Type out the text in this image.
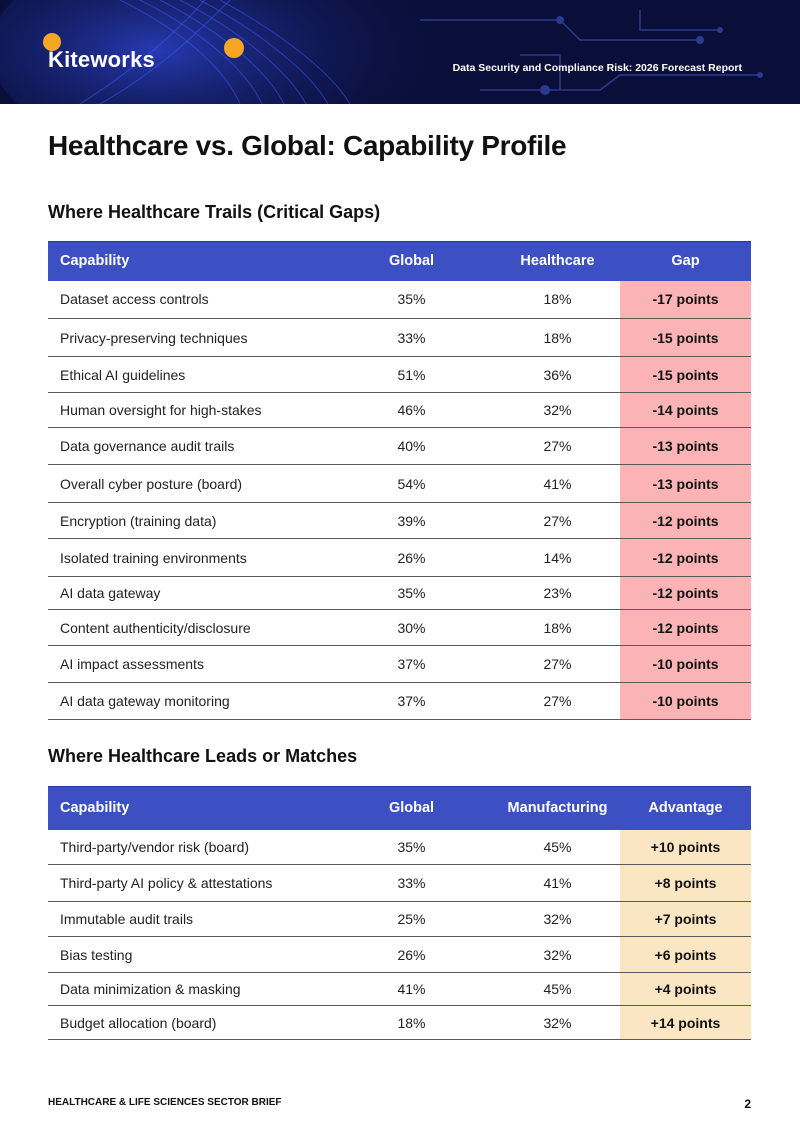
Kiteworks	Data Security and Compliance Risk: 2026 Forecast Report
Healthcare vs. Global: Capability Profile
Where Healthcare Trails (Critical Gaps)
Capability	Global	Healthcare	Gap
Dataset access controls	35%	18%	-17 points
Privacy-preserving techniques	33%	18%	-15 points
Ethical AI guidelines	51%	36%	-15 points
Human oversight for high-stakes	46%	32%	-14 points
Data governance audit trails	40%	27%	-13 points
Overall cyber posture (board)	54%	41%	-13 points
Encryption (training data)	39%	27%	-12 points
Isolated training environments	26%	14%	-12 points
AI data gateway	35%	23%	-12 points
Content authenticity/disclosure	30%	18%	-12 points
AI impact assessments	37%	27%	-10 points
AI data gateway monitoring	37%	27%	-10 points
Where Healthcare Leads or Matches
Capability	Global	Manufacturing	Advantage
Third-party/vendor risk (board)	35%	45%	+10 points
Third-party AI policy & attestations	33%	41%	+8 points
Immutable audit trails	25%	32%	+7 points
Bias testing	26%	32%	+6 points
Data minimization & masking	41%	45%	+4 points
Budget allocation (board)	18%	32%	+14 points
HEALTHCARE & LIFE SCIENCES SECTOR BRIEF	2
